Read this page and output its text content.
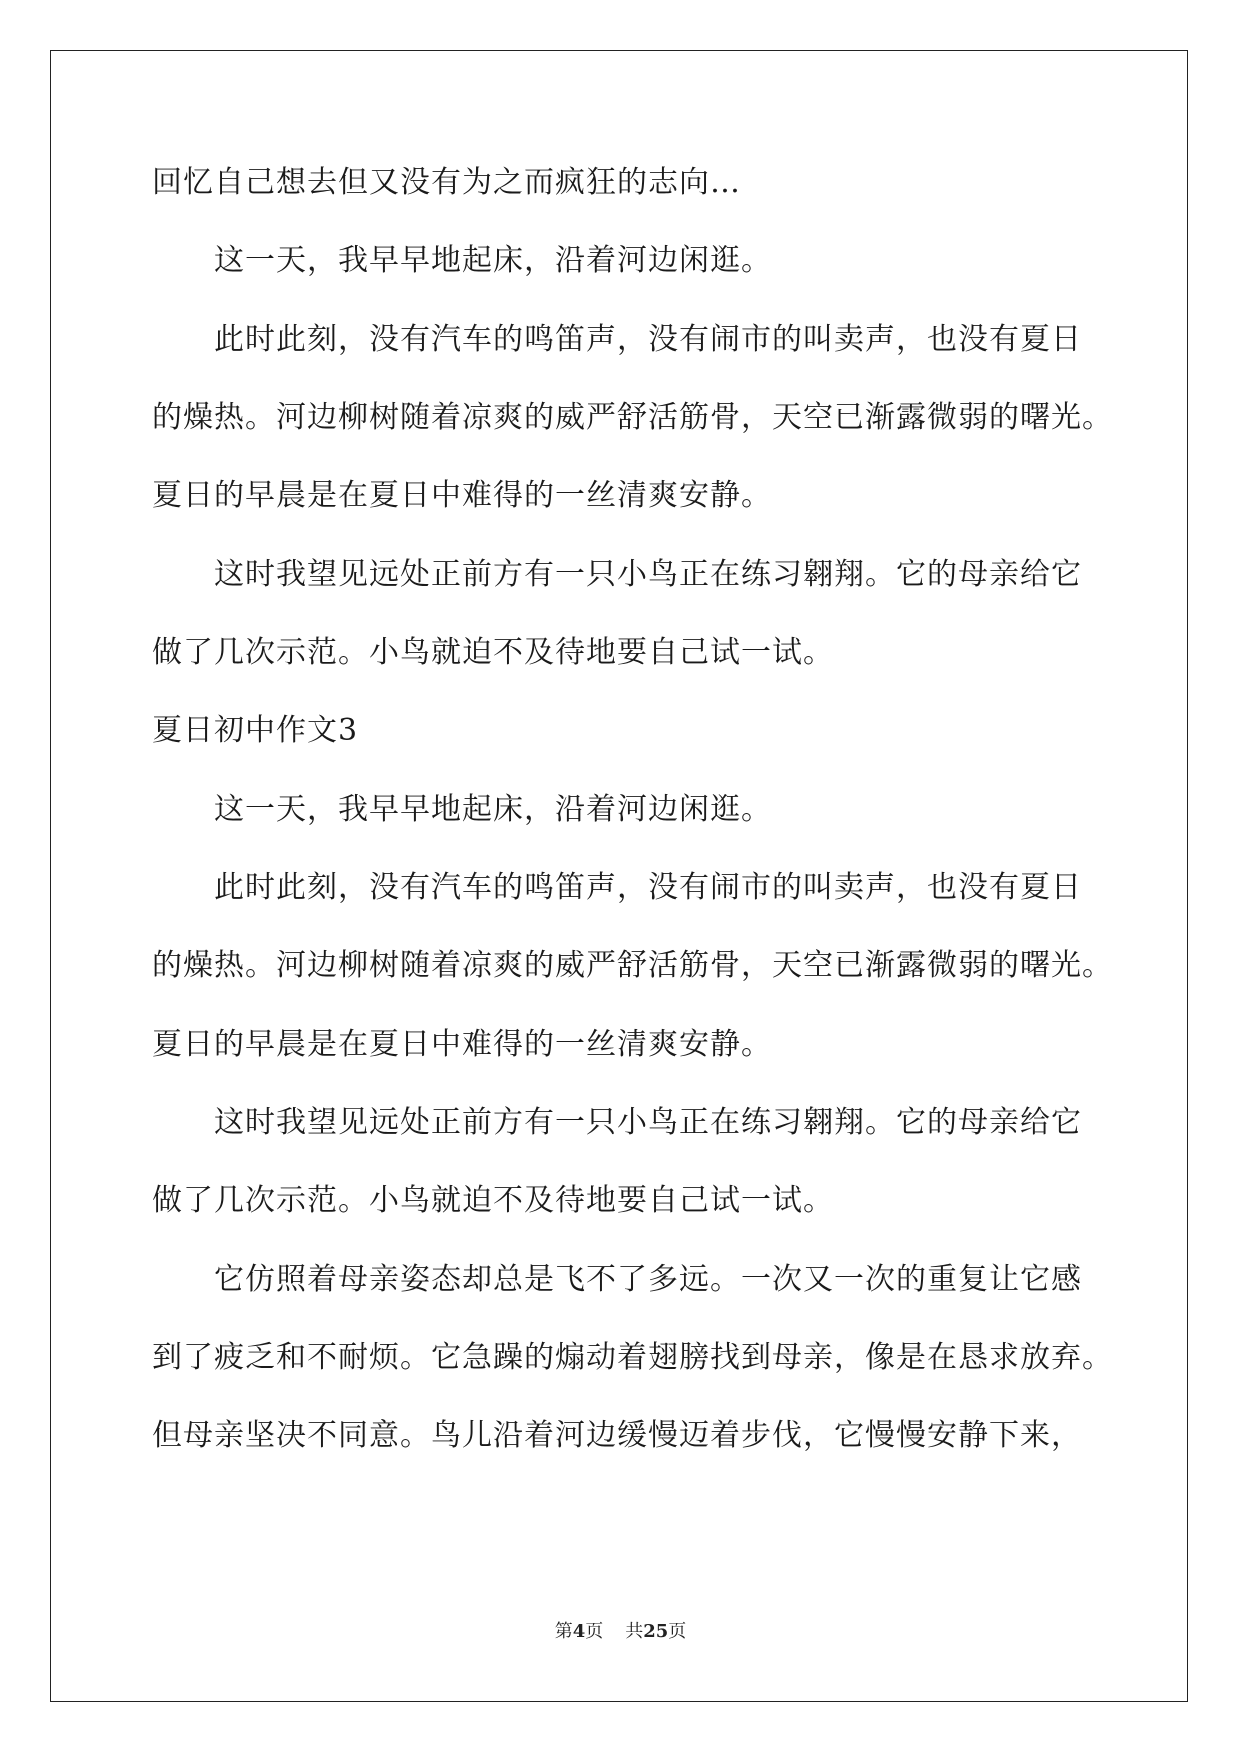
回忆自己想去但又没有为之而疯狂的志向…
这一天，我早早地起床，沿着河边闲逛。
此时此刻，没有汽车的鸣笛声，没有闹市的叫卖声，也没有夏日
的燥热。河边柳树随着凉爽的威严舒活筋骨，天空已渐露微弱的曙光。
夏日的早晨是在夏日中难得的一丝清爽安静。
这时我望见远处正前方有一只小鸟正在练习翱翔。它的母亲给它
做了几次示范。小鸟就迫不及待地要自己试一试。
夏日初中作文3
这一天，我早早地起床，沿着河边闲逛。
此时此刻，没有汽车的鸣笛声，没有闹市的叫卖声，也没有夏日
的燥热。河边柳树随着凉爽的威严舒活筋骨，天空已渐露微弱的曙光。
夏日的早晨是在夏日中难得的一丝清爽安静。
这时我望见远处正前方有一只小鸟正在练习翱翔。它的母亲给它
做了几次示范。小鸟就迫不及待地要自己试一试。
它仿照着母亲姿态却总是飞不了多远。一次又一次的重复让它感
到了疲乏和不耐烦。它急躁的煽动着翅膀找到母亲，像是在恳求放弃。
但母亲坚决不同意。鸟儿沿着河边缓慢迈着步伐，它慢慢安静下来，
第4页 共25页
